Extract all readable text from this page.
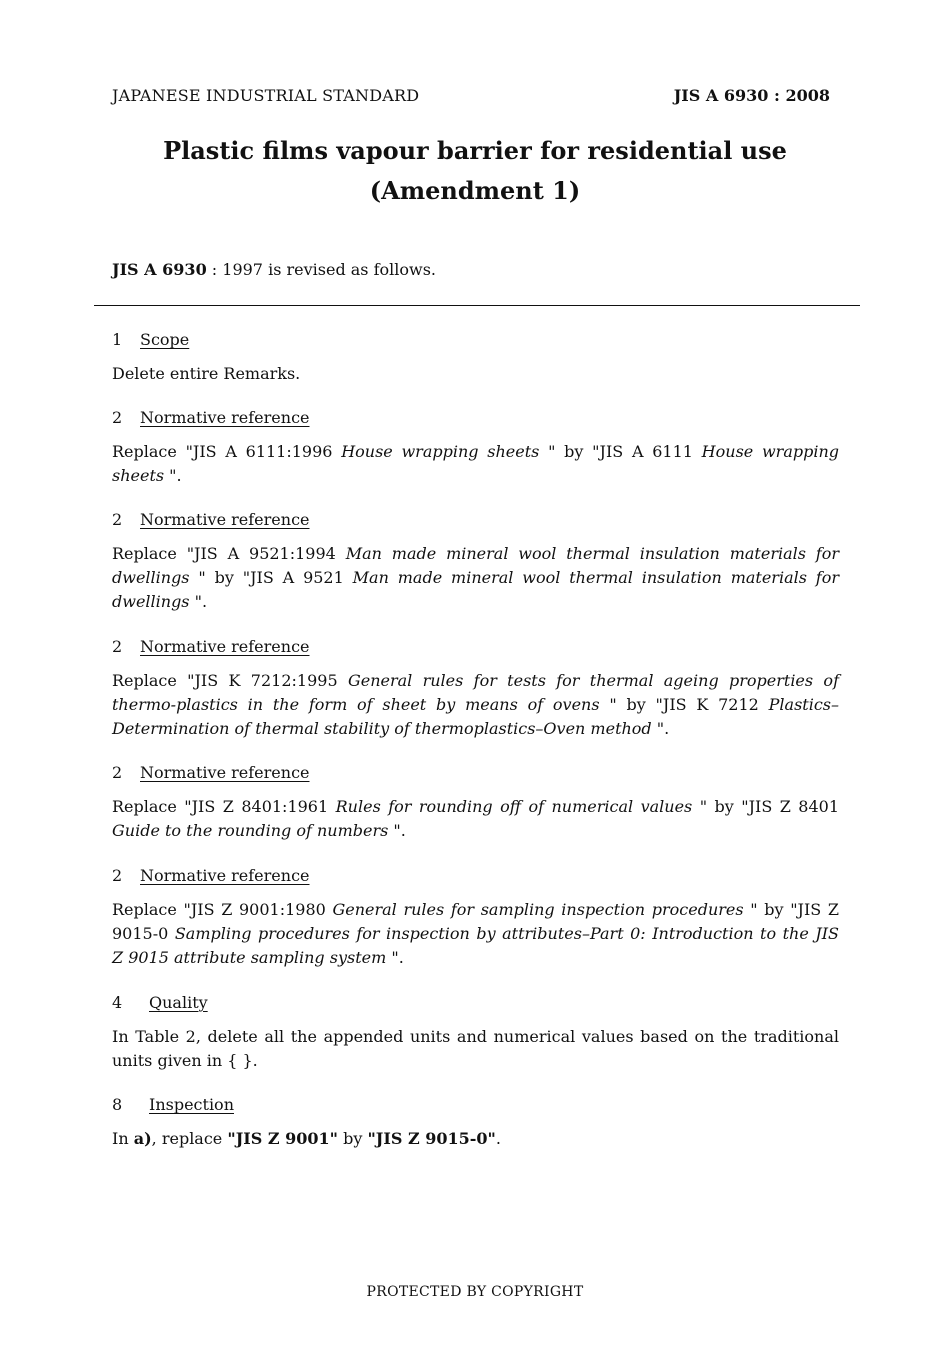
JAPANESE INDUSTRIAL STANDARD	JIS A 6930 : 2008
Plastic films vapour barrier for residential use
(Amendment 1)
JIS A 6930 : 1997 is revised as follows.
1 Scope
Delete entire Remarks.
2 Normative reference
Replace "JIS A 6111:1996 House wrapping sheets " by "JIS A 6111 House wrapping sheets ".
2 Normative reference
Replace "JIS A 9521:1994 Man made mineral wool thermal insulation materials for dwellings " by "JIS A 9521 Man made mineral wool thermal insulation materials for dwellings ".
2 Normative reference
Replace "JIS K 7212:1995 General rules for tests for thermal ageing properties of thermo-plastics in the form of sheet by means of ovens " by "JIS K 7212 Plastics–Determination of thermal stability of thermoplastics–Oven method ".
2 Normative reference
Replace "JIS Z 8401:1961 Rules for rounding off of numerical values " by "JIS Z 8401 Guide to the rounding of numbers ".
2 Normative reference
Replace "JIS Z 9001:1980 General rules for sampling inspection procedures " by "JIS Z 9015-0 Sampling procedures for inspection by attributes–Part 0: Introduction to the JIS Z 9015 attribute sampling system ".
4 Quality
In Table 2, delete all the appended units and numerical values based on the traditional units given in { }.
8 Inspection
In a), replace "JIS Z 9001" by "JIS Z 9015-0".
PROTECTED BY COPYRIGHT
